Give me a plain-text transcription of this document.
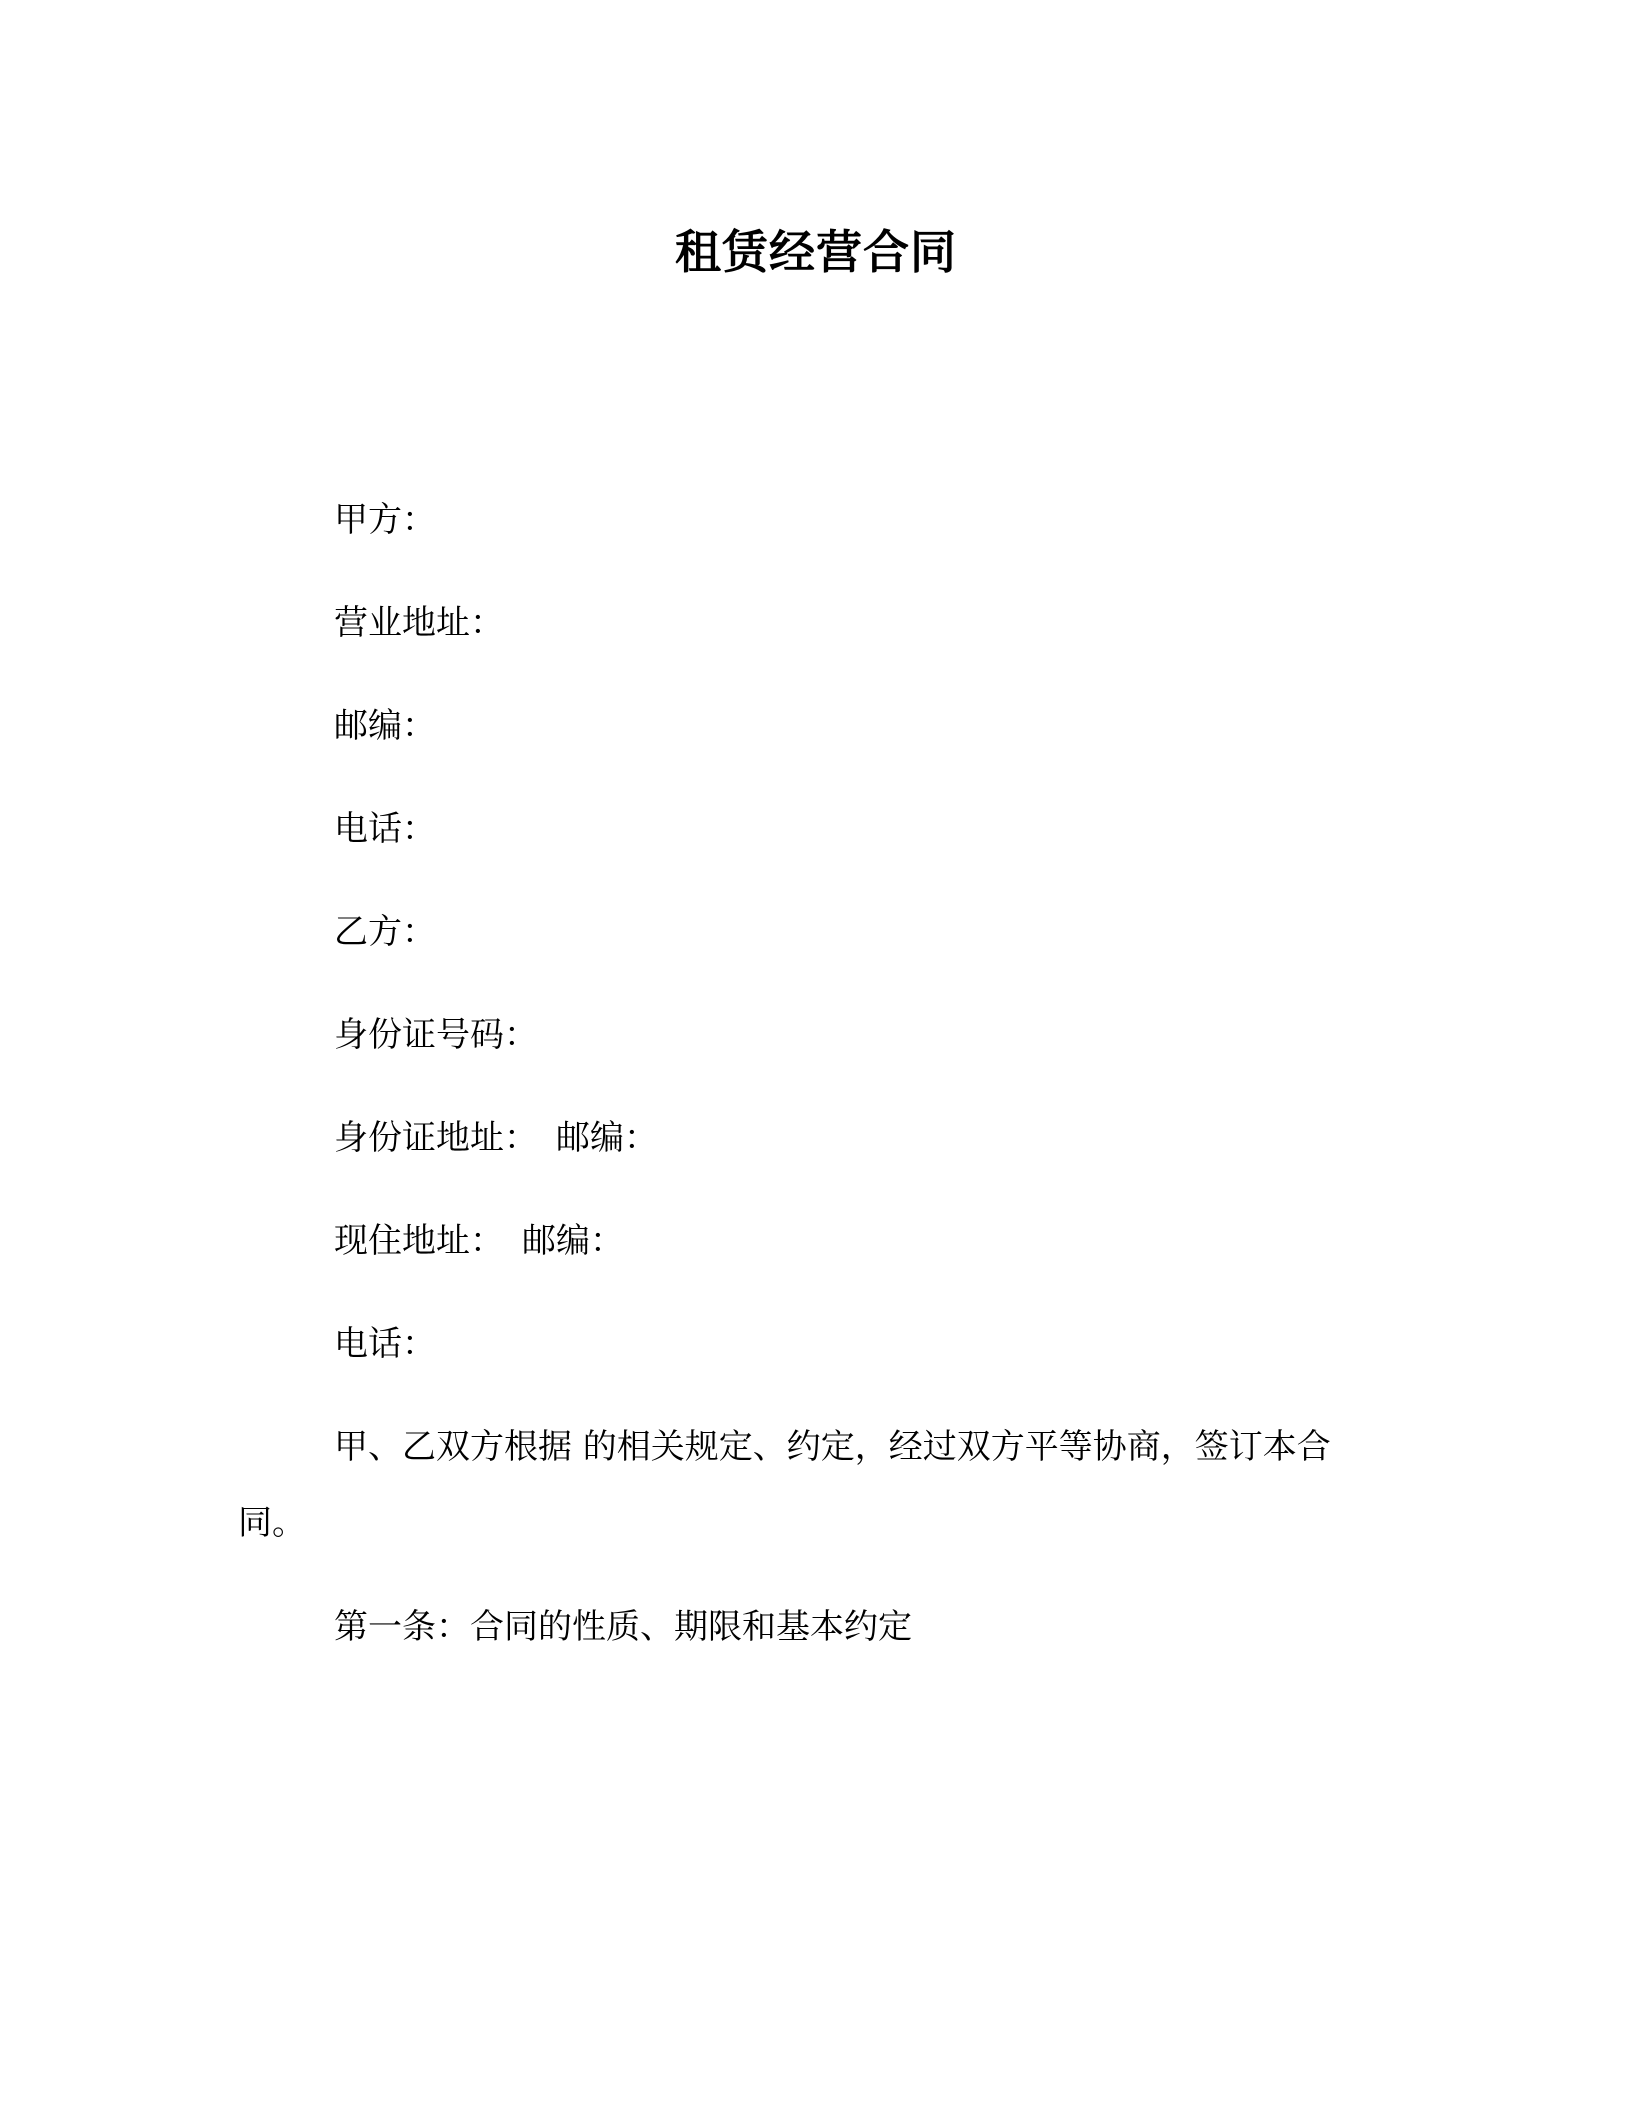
租赁经营合同
甲方：
营业地址：
邮编：
电话：
乙方：
身份证号码：
身份证地址： 邮编：
现住地址： 邮编：
电话：
甲、乙双方根据 的相关规定、约定，经过双方平等协商，签订本合同。
第一条：合同的性质、期限和基本约定
